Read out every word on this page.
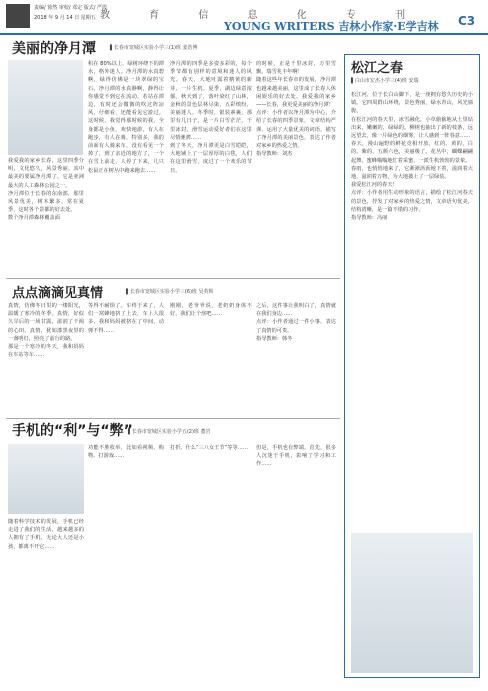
责编/ 徐然 审校/ 邓定 版式/ 严霞
2018 年 9 月 14 日 星期五 教 育 信 息 化 专 刊
YOUNG WRITERS 吉林小作家·E学吉林 C3
美丽的净月潭	▌长春市宽城区实验小学三(1)班 姜浩博
我爱我的家乡长春，这里四季分明，文化悠久，风景秀丽。其中最美的要属净月潭了，它是亚洲最大的人工森林公园之一。
净月潭位于长春的东南部，那里风景优美，树木繁多，常在夏季，这时各个景都的好去处。
数个净月潭森林覆盖面
积在 80%以上，绿树环绕下的潭水，格外迷人。净月潭的水真碧啊，绿得仿佛是一块翠绿的宝石。净月潭的水真静啊，静得让你感觉不到它在流动。若站在潭边，有时还会微微的吹过阵凉风，仔细看，还能看见它游过。这时候，我觉得那时候的我，全身都是小鱼，欢快地游，有人在跑步，有人在骑，特别多，我的前面有人骑来车，没有看见一个掉了，到了亲近的地方了，一个在雪上前走，人停了下来，几只松鼠正在树丛中跑来跑去……
净月潭的四季是多姿多彩的，每个季节都有别样的意境和迷人的风光。春天，大地吐露着鹅黄的新芽，一片生机。夏季，湖边绿意浓郁。秋天到了，落叶染红了山林，金秋的景色层林尽染，五彩缤纷，美丽迷人。冬季时，银装素裹，那里有几日子，是一片白雪茫茫，千里冰封，滑雪运动爱好者们在这里尽情驰骋……
到了冬天，净月潭更是白雪皑皑，大地铺上了一层厚厚的白毯，人们在这里滑雪，度过了一个欢乐的节日。
的时候，正是千里冰封，万里雪飘，瑞雪兆丰年啊！
随着这些年长春市的发展，净月潭也越来越美丽，这里成了长春人休闲娱乐的好去处。我爱我的家乡——长春，我更爱美丽的净月潭！
点评：小作者以净月潭为中心，介绍了长春的四季景象，文章结构严谨，运用了大量优美的词语，描写了净月潭的美丽景色，表达了作者对家乡的热爱之情。
指导教师：刘杰
松江之春
▌白山市宏杰小学三(4)班 安瑞
松江河，位于长白山脚下，是一座拥有悠久历史的小镇。它四周群山环绕，景色秀丽，绿水青山，风光旖旎。
在松江河的春天里，冰雪融化，小草偷偷地从土里钻出来，嫩嫩的，绿绿的。柳树也抽出了新的枝条，远远望去，像一片绿色的烟雾，让人感到一阵春意……
春天，漫山遍野的鲜花竞相开放，红的、黄的、白的、紫的，五颜六色，美丽极了。花丛中，蝴蝶翩翩起舞，蜜蜂嗡嗡地忙着采蜜，一派生机勃勃的景象。
春雨，也悄悄地来了，它淅淅沥沥地下着，滋润着大地，滋润着万物，为大地披上了一层绿装。
我爱松江河的春天！
点评：小作者用生动形象的语言，描绘了松江河春天的景色，抒发了对家乡的热爱之情，文章语句优美，结构清晰，是一篇不错的习作。
指导教师：冯丽
点点滴滴见真情	▌长春市宽城区实验小学三(6)班 吴英辉
真情，仿佛冬日里的一缕阳光，温暖了寒冷的冬季。真情，好似久旱后的一场甘露，滋润了干渴的心田。真情，犹如漆黑夜里的一盏明灯，照亮了前行的路。
那是一个寒冷的冬天，我和妈妈在车站等车……
等得不耐烦了。车终于来了，人们一窝蜂地挤了上去，车上人很多，我和妈妈被挤在了中间，动弹不得……
刚刚，老爷爷说，老奶奶身体不好，我们让个座吧……
之后，这件事让我明白了，真情就在我们身边……
点评：小作者通过一件小事，表达了真情的可贵。
指导教师：韩冬
手机的“利”与“弊”
▌长春市宽城区实验小学五(2)班 董岩
随着科学技术的发展，手机已经走进了我们的生活，越来越多的人拥有了手机，无论大人还是小孩，都离不开它……
功能不胜枚举，比如看视频、购物、打游戏……
打折、什么“三八女王节”等等……	但是，手机也有弊端。首先，很多人沉迷于手机，影响了学习和工作……
